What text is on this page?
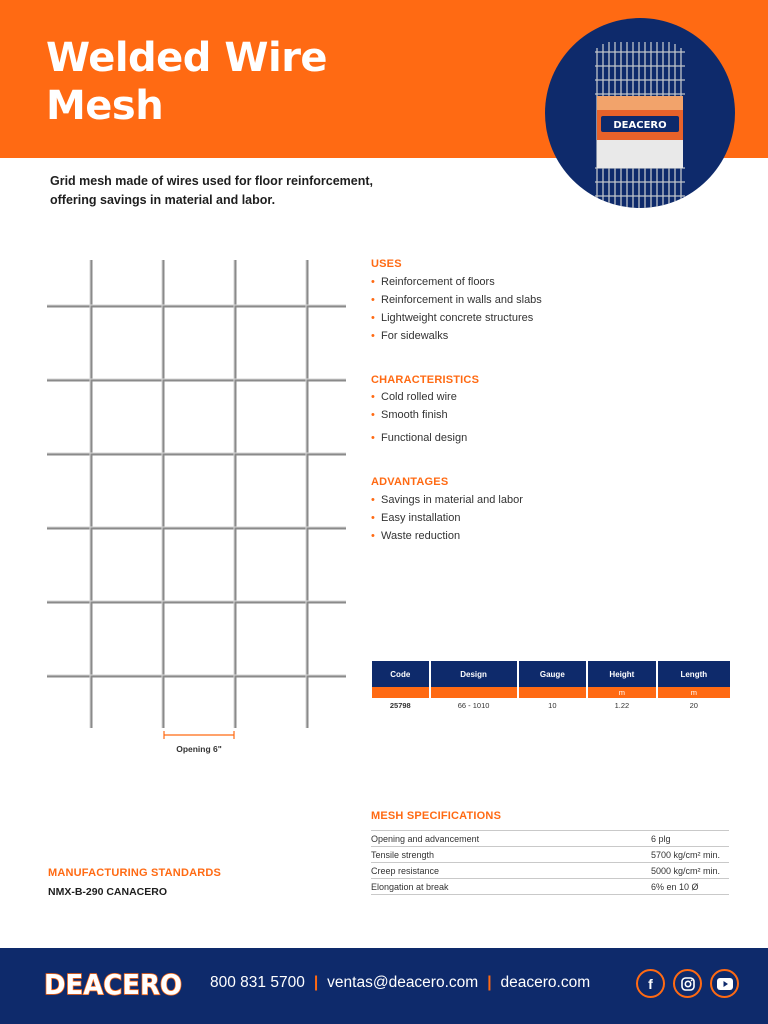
Welded Wire
Mesh	DEACERO
Grid mesh made of wires used for floor reinforcement, offering savings in material and labor.
Opening 6"
USES
• Reinforcement of floors
• Reinforcement in walls and slabs
• Lightweight concrete structures
• For sidewalks
CHARACTERISTICS
• Cold rolled wire
• Smooth finish
• Functional design
ADVANTAGES
• Savings in material and labor
• Easy installation
• Waste reduction
Code	Design	Gauge	Height	Length
			m	m
25798	66 - 1010	10	1.22	20
MESH SPECIFICATIONS
Opening and advancement	6 plg
Tensile strength	5700 kg/cm² min.
Creep resistance	5000 kg/cm² min.
Elongation at break	6% en 10 Ø
MANUFACTURING STANDARDS
NMX-B-290 CANACERO
DEACERO 800 831 5700 | ventas@deacero.com | deacero.com	f
